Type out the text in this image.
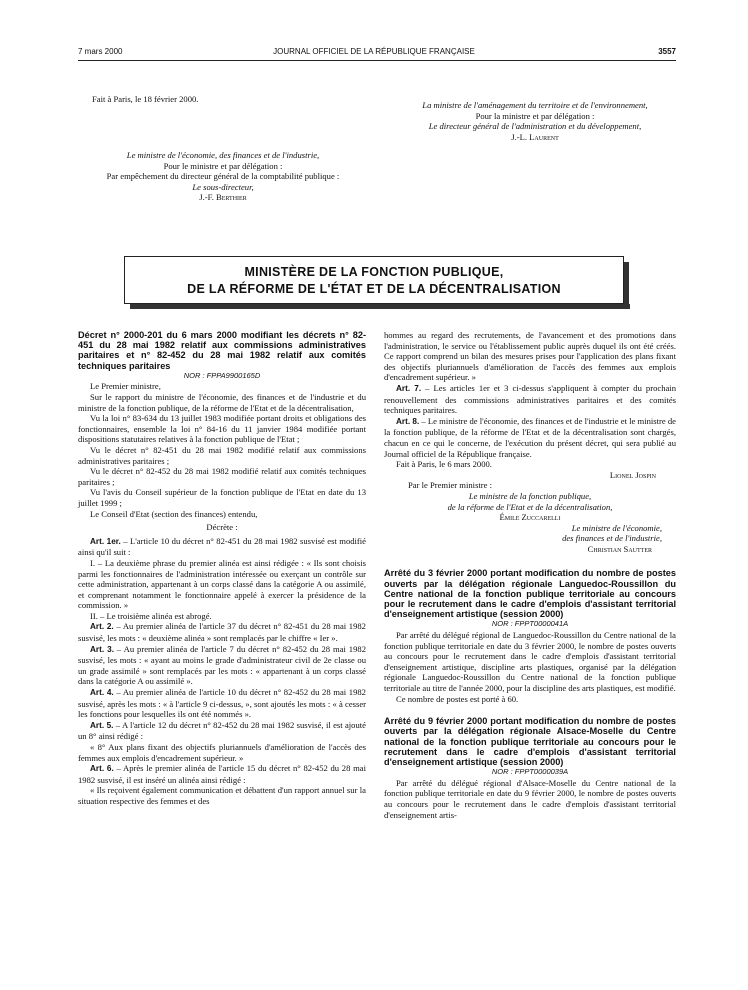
7 mars 2000	JOURNAL OFFICIEL DE LA RÉPUBLIQUE FRANÇAISE	3557
Fait à Paris, le 18 février 2000.
Le ministre de l'économie, des finances et de l'industrie,
Pour le ministre et par délégation :
Par empêchement du directeur général de la comptabilité publique :
Le sous-directeur,
J.-F. Berthier
La ministre de l'aménagement du territoire et de l'environnement,
Pour la ministre et par délégation :
Le directeur général de l'administration et du développement,
J.-L. Laurent
MINISTÈRE DE LA FONCTION PUBLIQUE,
DE LA RÉFORME DE L'ÉTAT ET DE LA DÉCENTRALISATION

Décret n° 2000-201 du 6 mars 2000 modifiant les décrets n° 82-451 du 28 mai 1982 relatif aux commissions administratives paritaires et n° 82-452 du 28 mai 1982 relatif aux comités techniques paritaires

NOR : FPPA9900165D

Le Premier ministre,

Sur le rapport du ministre de l'économie, des finances et de l'industrie et du ministre de la fonction publique, de la réforme de l'Etat et de la décentralisation,

Vu la loi n° 83-634 du 13 juillet 1983 modifiée portant droits et obligations des fonctionnaires, ensemble la loi n° 84-16 du 11 janvier 1984 modifiée portant dispositions statutaires relatives à la fonction publique de l'Etat ;

Vu le décret n° 82-451 du 28 mai 1982 modifié relatif aux commissions administratives paritaires ;

Vu le décret n° 82-452 du 28 mai 1982 modifié relatif aux comités techniques paritaires ;

Vu l'avis du Conseil supérieur de la fonction publique de l'Etat en date du 13 juillet 1999 ;

Le Conseil d'Etat (section des finances) entendu,

Décrète :

Art. 1er. – L'article 10 du décret n° 82-451 du 28 mai 1982 susvisé est modifié ainsi qu'il suit :

I. – La deuxième phrase du premier alinéa est ainsi rédigée : « Ils sont choisis parmi les fonctionnaires de l'administration intéressée ou exerçant un contrôle sur cette administration, appartenant à un corps classé dans la catégorie A ou assimilé, et comprenant notamment le fonctionnaire appelé à exercer la présidence de la commission. »

II. – Le troisième alinéa est abrogé.

Art. 2. – Au premier alinéa de l'article 37 du décret n° 82-451 du 28 mai 1982 susvisé, les mots : « deuxième alinéa » sont remplacés par le chiffre « Ier ».

Art. 3. – Au premier alinéa de l'article 7 du décret n° 82-452 du 28 mai 1982 susvisé, les mots : « ayant au moins le grade d'administrateur civil de 2e classe ou un grade assimilé » sont remplacés par les mots : « appartenant à un corps classé dans la catégorie A ou assimilé ».

Art. 4. – Au premier alinéa de l'article 10 du décret n° 82-452 du 28 mai 1982 susvisé, après les mots : « à l'article 9 ci-dessus, », sont ajoutés les mots : « à cesser les fonctions pour lesquelles ils ont été nommés ».

Art. 5. – A l'article 12 du décret n° 82-452 du 28 mai 1982 susvisé, il est ajouté un 8° ainsi rédigé :

« 8° Aux plans fixant des objectifs pluriannuels d'amélioration de l'accès des femmes aux emplois d'encadrement supérieur. »

Art. 6. – Après le premier alinéa de l'article 15 du décret n° 82-452 du 28 mai 1982 susvisé, il est inséré un alinéa ainsi rédigé :

« Ils reçoivent également communication et débattent d'un rapport annuel sur la situation respective des femmes et des

hommes au regard des recrutements, de l'avancement et des promotions dans l'administration, le service ou l'établissement public auprès duquel ils ont été créés. Ce rapport comprend un bilan des mesures prises pour l'application des plans fixant des objectifs pluriannuels d'amélioration de l'accès des femmes aux emplois d'encadrement supérieur. »

Art. 7. – Les articles 1er et 3 ci-dessus s'appliquent à compter du prochain renouvellement des commissions administratives paritaires et des comités techniques paritaires.

Art. 8. – Le ministre de l'économie, des finances et de l'industrie et le ministre de la fonction publique, de la réforme de l'Etat et de la décentralisation sont chargés, chacun en ce qui le concerne, de l'exécution du présent décret, qui sera publié au Journal officiel de la République française.

Fait à Paris, le 6 mars 2000.

Lionel Jospin

Par le Premier ministre :

Le ministre de la fonction publique,

de la réforme de l'Etat et de la décentralisation,

Émile Zuccarelli

Le ministre de l'économie,

des finances et de l'industrie,

Christian Sautter

Arrêté du 3 février 2000 portant modification du nombre de postes ouverts par la délégation régionale Languedoc-Roussillon du Centre national de la fonction publique territoriale au concours pour le recrutement dans le cadre d'emplois d'assistant territorial d'enseignement artistique (session 2000)

NOR : FPPT0000041A

Par arrêté du délégué régional de Languedoc-Roussillon du Centre national de la fonction publique territoriale en date du 3 février 2000, le nombre de postes ouverts au concours pour le recrutement dans le cadre d'emplois d'assistant territorial d'enseignement artistique, discipline arts plastiques, organisé par la délégation régionale Languedoc-Roussillon du Centre national de la fonction publique territoriale au titre de l'année 2000, pour la discipline des arts plastiques, est modifié.

Ce nombre de postes est porté à 60.

Arrêté du 9 février 2000 portant modification du nombre de postes ouverts par la délégation régionale Alsace-Moselle du Centre national de la fonction publique territoriale au concours pour le recrutement dans le cadre d'emplois d'assistant territorial d'enseignement artistique (session 2000)

NOR : FPPT0000039A

Par arrêté du délégué régional d'Alsace-Moselle du Centre national de la fonction publique territoriale en date du 9 février 2000, le nombre de postes ouverts au concours pour le recrutement dans le cadre d'emplois d'assistant territorial d'enseignement artis-
